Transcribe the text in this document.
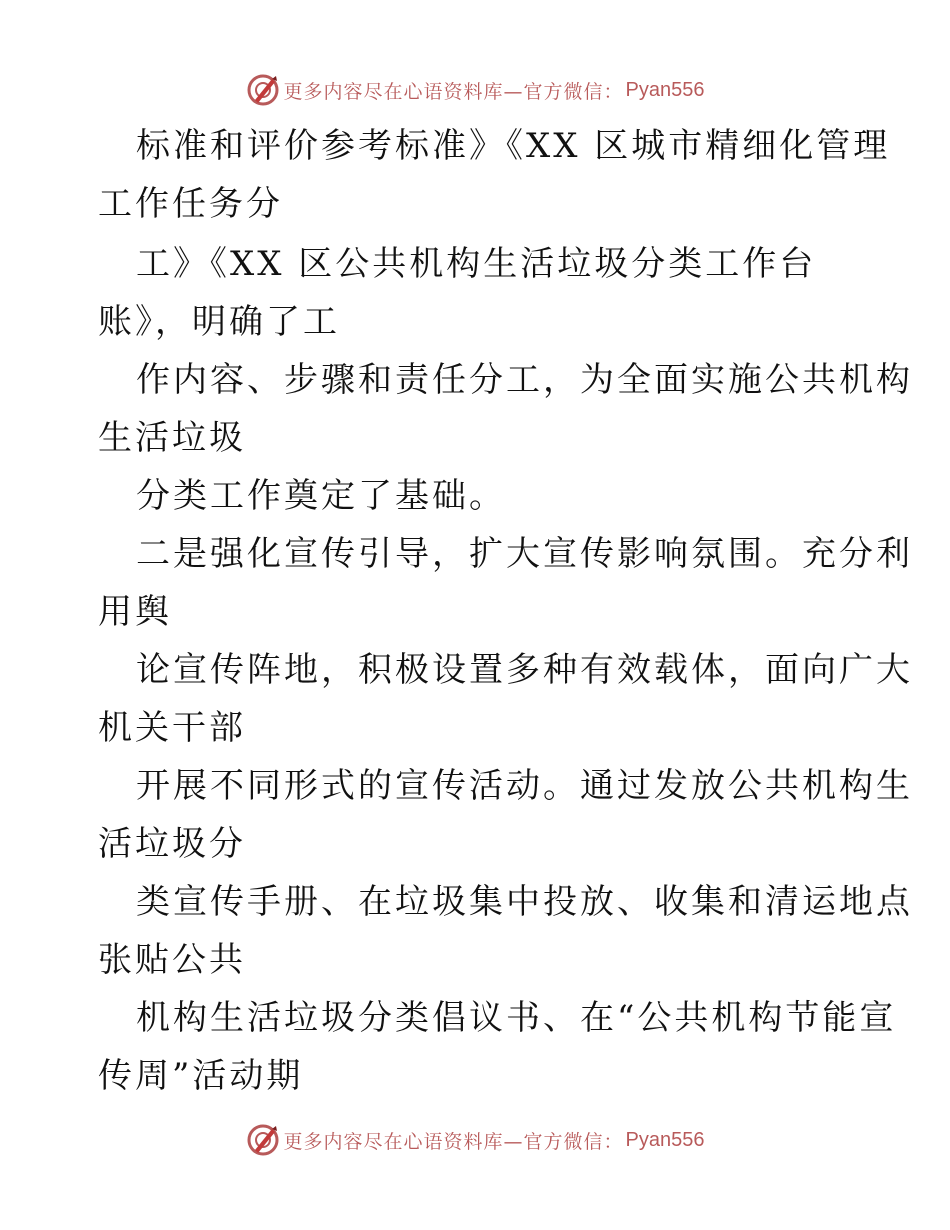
更多内容尽在心语资料库—官方微信： Pyan556
标准和评价参考标准》《XX 区城市精细化管理
工作任务分
工》《XX 区公共机构生活垃圾分类工作台
账》，明确了工
作内容、步骤和责任分工，为全面实施公共机构
生活垃圾
分类工作奠定了基础。
二是强化宣传引导，扩大宣传影响氛围。充分利
用舆
论宣传阵地，积极设置多种有效载体，面向广大
机关干部
开展不同形式的宣传活动。通过发放公共机构生
活垃圾分
类宣传手册、在垃圾集中投放、收集和清运地点
张贴公共
机构生活垃圾分类倡议书、在“公共机构节能宣
传周”活动期
更多内容尽在心语资料库—官方微信： Pyan556
